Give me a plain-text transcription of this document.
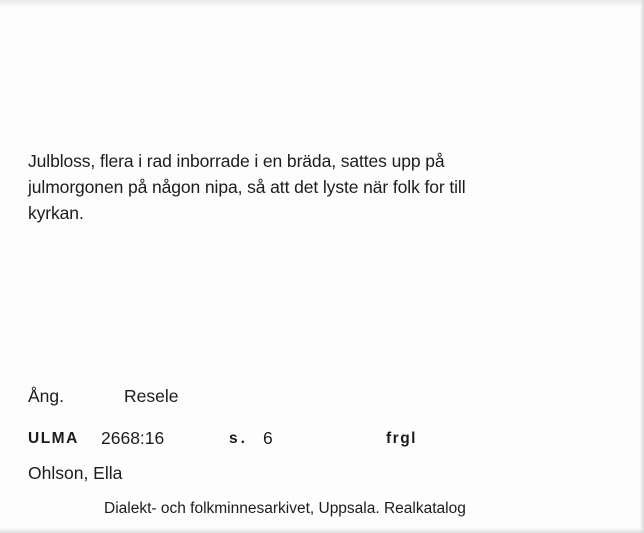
Julbloss, flera i rad inborrade i en bräda, sattes upp på
julmorgonen på någon nipa, så att det lyste när folk for till
kyrkan.
Ång.	Resele
ULMA 2668:16	s. 6	frgl
Ohlson, Ella
Dialekt- och folkminnesarkivet, Uppsala. Realkatalog
